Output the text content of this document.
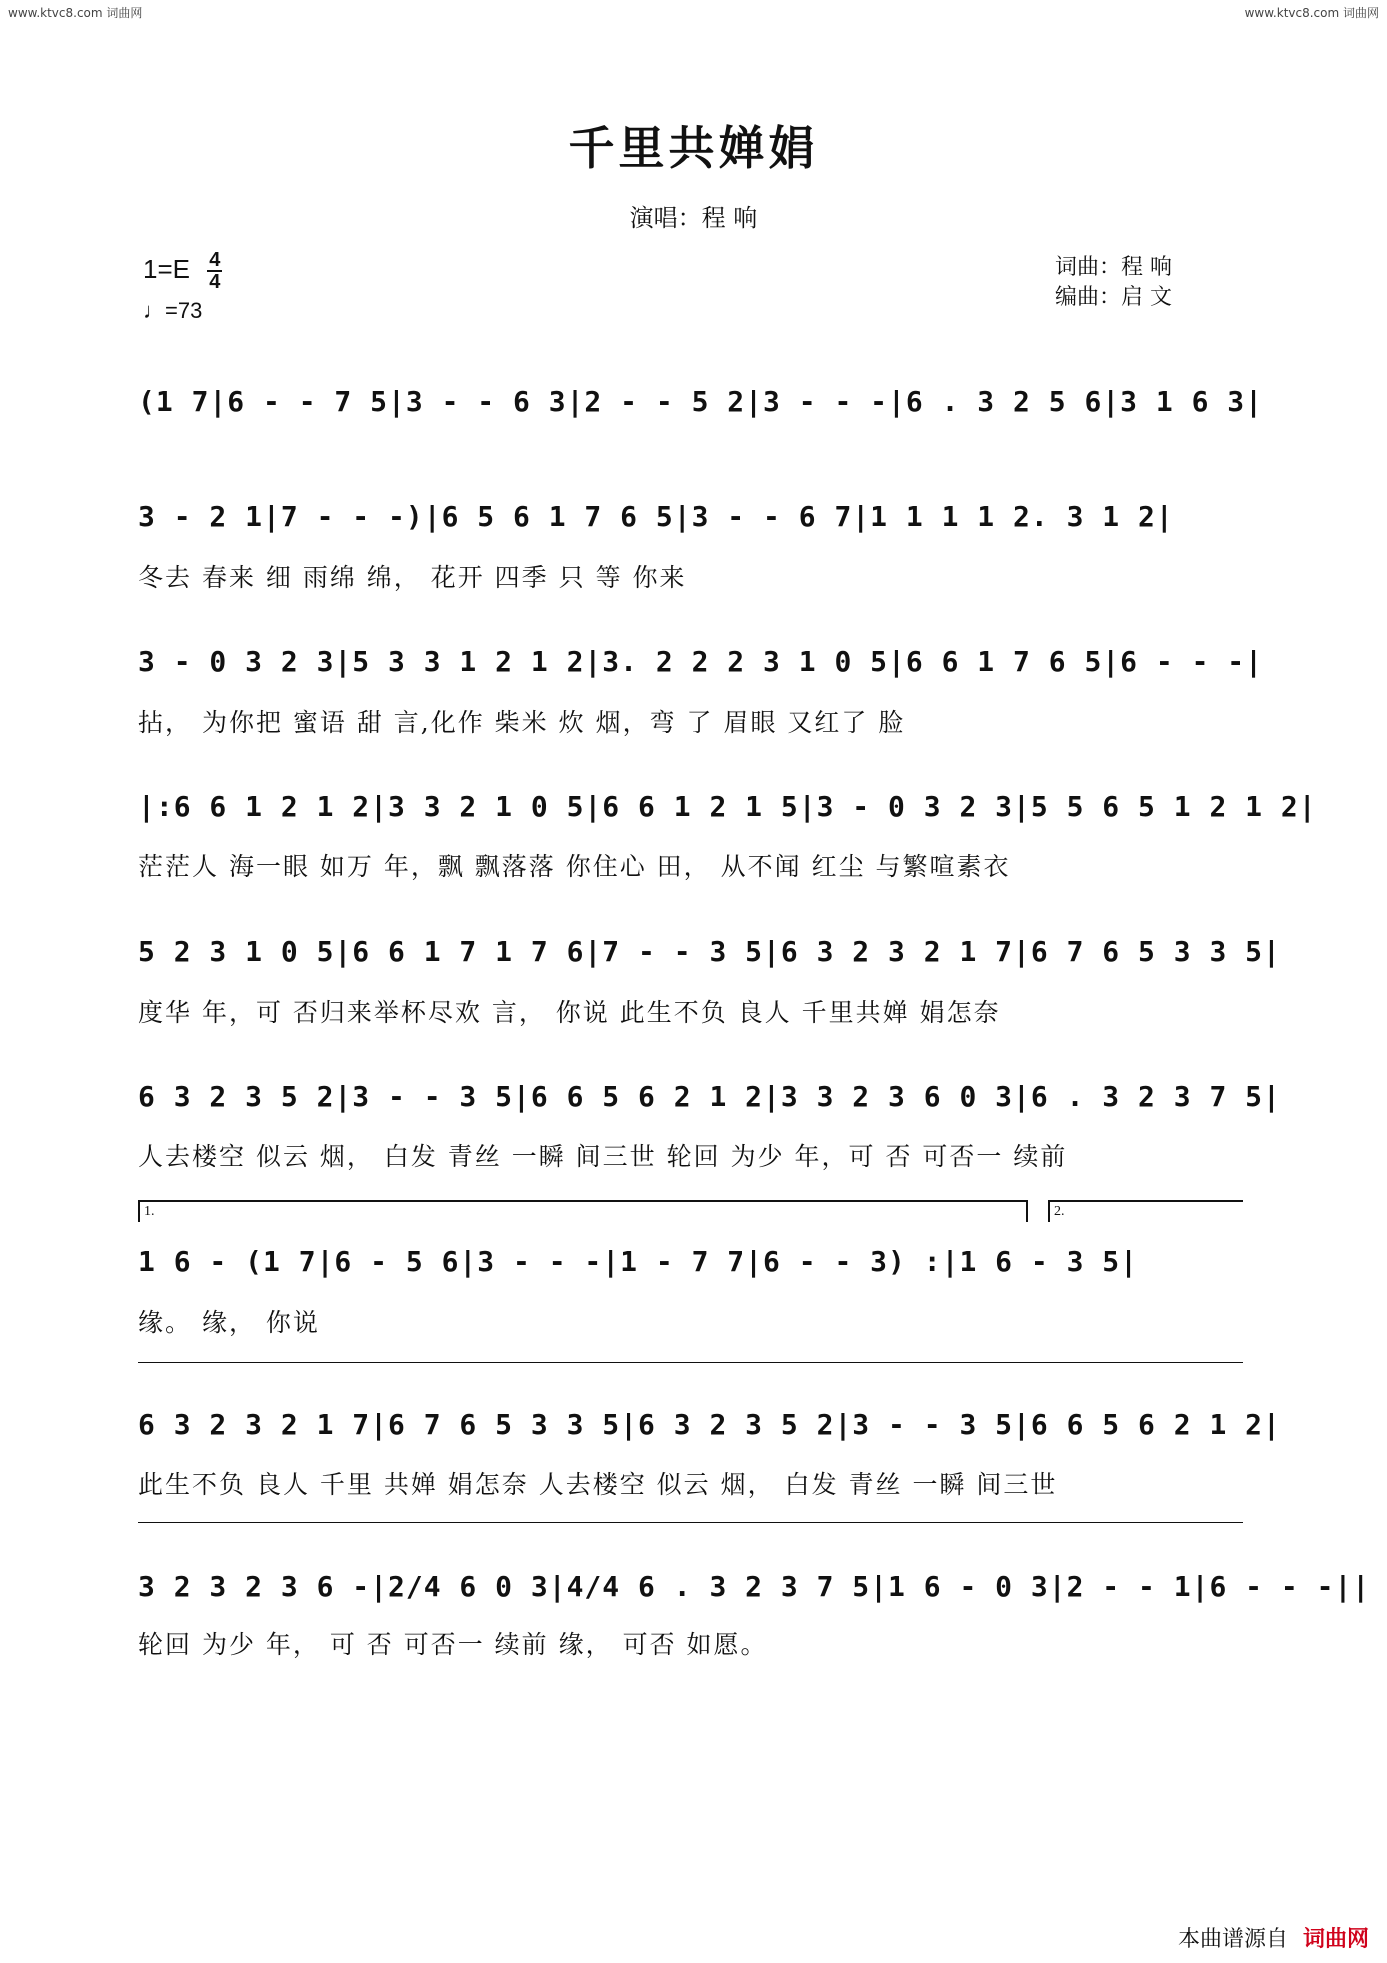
www.ktvc8.com 词曲网	www.ktvc8.com 词曲网
千里共婵娟
演唱：程 响
$1=E \frac{4}{4}$
♩=73
词曲：程 响
编曲：启 文
(1 7|6 - - 7 5|3 - - 6 3|2 - - 5 2|3 - - -|6 . 3 2 5 6|3 1 6 3|
3 - 2 1|7 - - -)|6 5 6 1 7 6 5|3 - - 6 7|1 1 1 1 2. 3 1 2|
冬去 春来 细 雨绵 绵， 花开 四季 只 等 你来
3 - 0 3 2 3|5 3 3 1 2 1 2|3. 2 2 2 3 1 0 5|6 6 1 7 6 5|6 - - -|
拈， 为你把 蜜语 甜 言,化作 柴米 炊 烟，弯 了 眉眼 又红了 脸
|:6 6 1 2 1 2|3 3 2 1 0 5|6 6 1 2 1 5|3 - 0 3 2 3|5 5 6 5 1 2 1 2|
茫茫人 海一眼 如万 年，飘 飘落落 你住心 田， 从不闻 红尘 与繁喧素衣
5 2 3 1 0 5|6 6 1 7 1 7 6|7 - - 3 5|6 3 2 3 2 1 7|6 7 6 5 3 3 5|
度华 年，可 否归来举杯尽欢 言， 你说 此生不负 良人 千里共婵 娟怎奈
6 3 2 3 5 2|3 - - 3 5|6 6 5 6 2 1 2|3 3 2 3 6 0 3|6 . 3 2 3 7 5|
人去楼空 似云 烟， 白发 青丝 一瞬 间三世 轮回 为少 年，可 否 可否一 续前
1.	2.
1 6 - (1 7|6 - 5 6|3 - - -|1 - 7 7|6 - - 3) :|1 6 - 3 5|
缘。 缘， 你说
6 3 2 3 2 1 7|6 7 6 5 3 3 5|6 3 2 3 5 2|3 - - 3 5|6 6 5 6 2 1 2|
此生不负 良人 千里 共婵 娟怎奈 人去楼空 似云 烟， 白发 青丝 一瞬 间三世
3 2 3 2 3 6 -|2/4 6 0 3|4/4 6 . 3 2 3 7 5|1 6 - 0 3|2 - - 1|6 - - -||
轮回 为少 年， 可 否 可否一 续前 缘， 可否 如愿。
本曲谱源自 词曲网
